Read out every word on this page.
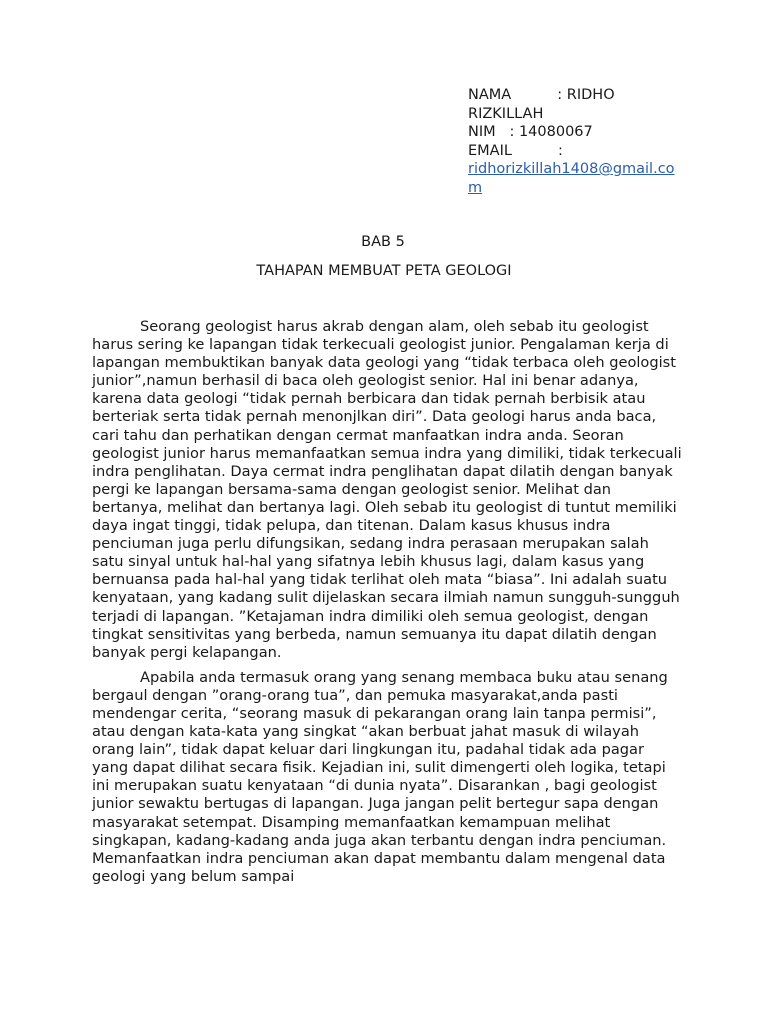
NAMA          : RIDHO
RIZKILLAH
NIM   : 14080067
EMAIL          :
ridhorizkillah1408@gmail.com
BAB 5
TAHAPAN MEMBUAT PETA GEOLOGI

Seorang geologist harus akrab dengan alam, oleh sebab itu geologist harus sering ke lapangan tidak terkecuali geologist junior. Pengalaman kerja di lapangan membuktikan banyak data geologi yang “tidak terbaca oleh geologist junior”,namun berhasil di baca oleh geologist senior. Hal ini benar adanya, karena data geologi “tidak pernah berbicara dan tidak pernah berbisik atau berteriak serta tidak pernah menonjlkan diri”. Data geologi harus anda baca, cari tahu dan perhatikan dengan cermat manfaatkan indra anda. Seoran geologist junior harus memanfaatkan semua indra yang dimiliki, tidak terkecuali indra penglihatan. Daya cermat indra penglihatan dapat dilatih dengan banyak pergi ke lapangan bersama-sama dengan geologist senior. Melihat dan bertanya, melihat dan bertanya lagi. Oleh sebab itu geologist di tuntut memiliki daya ingat tinggi, tidak pelupa, dan titenan. Dalam kasus khusus indra penciuman juga perlu difungsikan, sedang indra perasaan merupakan salah satu sinyal untuk hal-hal yang sifatnya lebih khusus lagi, dalam kasus yang bernuansa pada hal-hal yang tidak terlihat oleh mata “biasa”. Ini adalah suatu kenyataan, yang kadang sulit dijelaskan secara ilmiah namun sungguh-sungguh terjadi di lapangan. ”Ketajaman indra dimiliki oleh semua geologist, dengan tingkat sensitivitas yang berbeda, namun semuanya itu dapat dilatih dengan banyak pergi kelapangan.

Apabila anda termasuk orang yang senang membaca buku atau senang bergaul dengan ”orang-orang tua”, dan pemuka masyarakat,anda pasti mendengar cerita, “seorang masuk di pekarangan orang lain tanpa permisi”, atau dengan kata-kata yang singkat “akan berbuat jahat masuk di wilayah orang lain”, tidak dapat keluar dari lingkungan itu, padahal tidak ada pagar yang dapat dilihat secara fisik. Kejadian ini, sulit dimengerti oleh logika, tetapi ini merupakan suatu kenyataan “di dunia nyata”. Disarankan , bagi geologist junior sewaktu bertugas di lapangan. Juga jangan pelit bertegur sapa dengan masyarakat setempat. Disamping memanfaatkan kemampuan melihat singkapan, kadang-kadang anda juga akan terbantu dengan indra penciuman. Memanfaatkan indra penciuman akan dapat membantu dalam mengenal data geologi yang belum sampai
